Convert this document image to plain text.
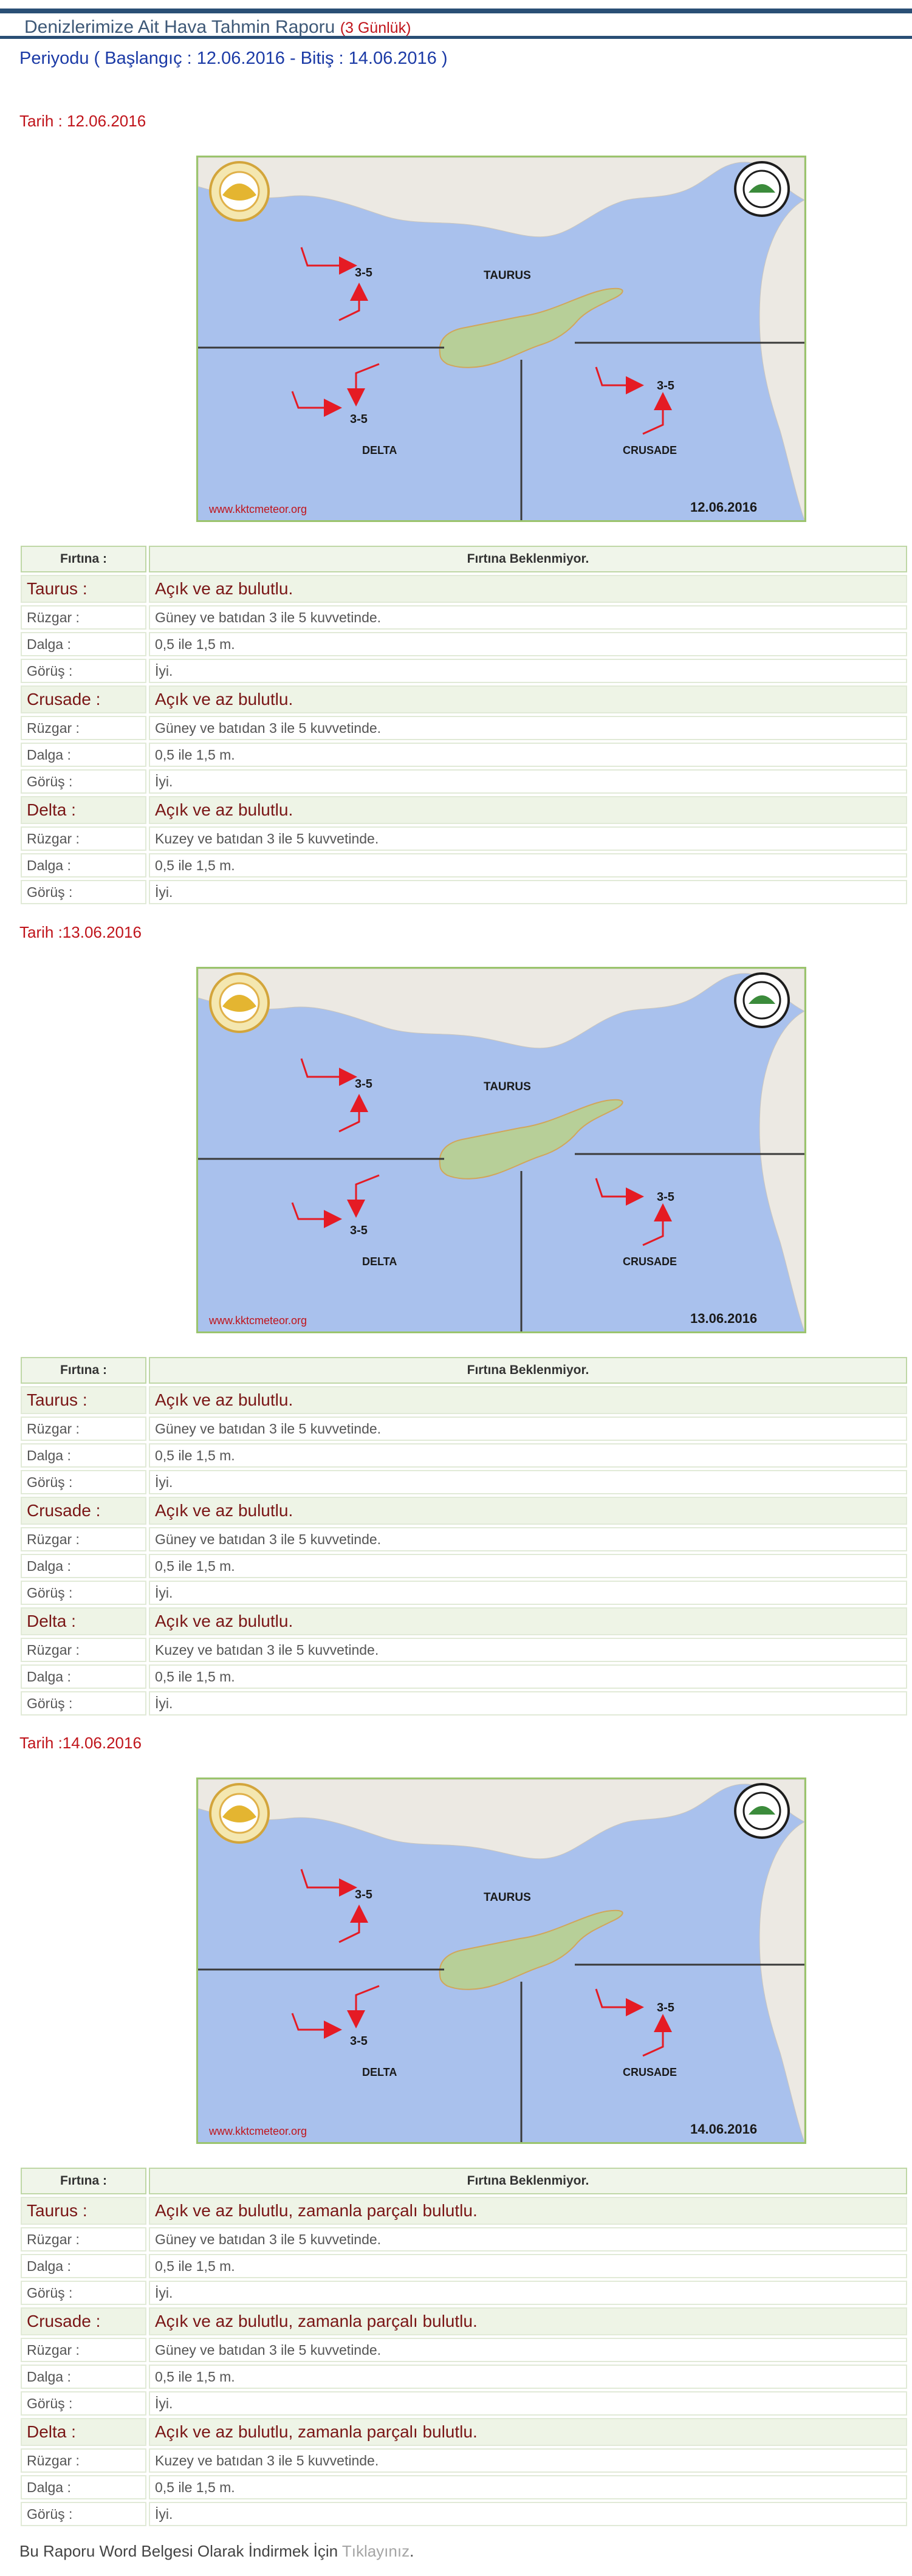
Denizlerimize Ait Hava Tahmin Raporu (3 Günlük)
Periyodu ( Başlangıç : 12.06.2016 - Bitiş : 14.06.2016 )
Tarih : 12.06.2016
3-5
3-5
3-5
TAURUS
DELTA	CRUSADE
www.kktcmeteor.org	12.06.2016
Fırtına :	Fırtına Beklenmiyor.
Taurus :	Açık ve az bulutlu.
Rüzgar :	Güney ve batıdan 3 ile 5 kuvvetinde.
Dalga :	0,5 ile 1,5 m.
Görüş :	İyi.
Crusade :	Açık ve az bulutlu.
Rüzgar :	Güney ve batıdan 3 ile 5 kuvvetinde.
Dalga :	0,5 ile 1,5 m.
Görüş :	İyi.
Delta :	Açık ve az bulutlu.
Rüzgar :	Kuzey ve batıdan 3 ile 5 kuvvetinde.
Dalga :	0,5 ile 1,5 m.
Görüş :	İyi.
Tarih :13.06.2016
3-5
3-5
3-5
TAURUS
DELTA	CRUSADE
www.kktcmeteor.org	13.06.2016
Fırtına :	Fırtına Beklenmiyor.
Taurus :	Açık ve az bulutlu.
Rüzgar :	Güney ve batıdan 3 ile 5 kuvvetinde.
Dalga :	0,5 ile 1,5 m.
Görüş :	İyi.
Crusade :	Açık ve az bulutlu.
Rüzgar :	Güney ve batıdan 3 ile 5 kuvvetinde.
Dalga :	0,5 ile 1,5 m.
Görüş :	İyi.
Delta :	Açık ve az bulutlu.
Rüzgar :	Kuzey ve batıdan 3 ile 5 kuvvetinde.
Dalga :	0,5 ile 1,5 m.
Görüş :	İyi.
Tarih :14.06.2016
3-5
3-5
3-5
TAURUS
DELTA	CRUSADE
www.kktcmeteor.org	14.06.2016
Fırtına :	Fırtına Beklenmiyor.
Taurus :	Açık ve az bulutlu, zamanla parçalı bulutlu.
Rüzgar :	Güney ve batıdan 3 ile 5 kuvvetinde.
Dalga :	0,5 ile 1,5 m.
Görüş :	İyi.
Crusade :	Açık ve az bulutlu, zamanla parçalı bulutlu.
Rüzgar :	Güney ve batıdan 3 ile 5 kuvvetinde.
Dalga :	0,5 ile 1,5 m.
Görüş :	İyi.
Delta :	Açık ve az bulutlu, zamanla parçalı bulutlu.
Rüzgar :	Kuzey ve batıdan 3 ile 5 kuvvetinde.
Dalga :	0,5 ile 1,5 m.
Görüş :	İyi.
Bu Raporu Word Belgesi Olarak İndirmek İçin Tıklayınız.
